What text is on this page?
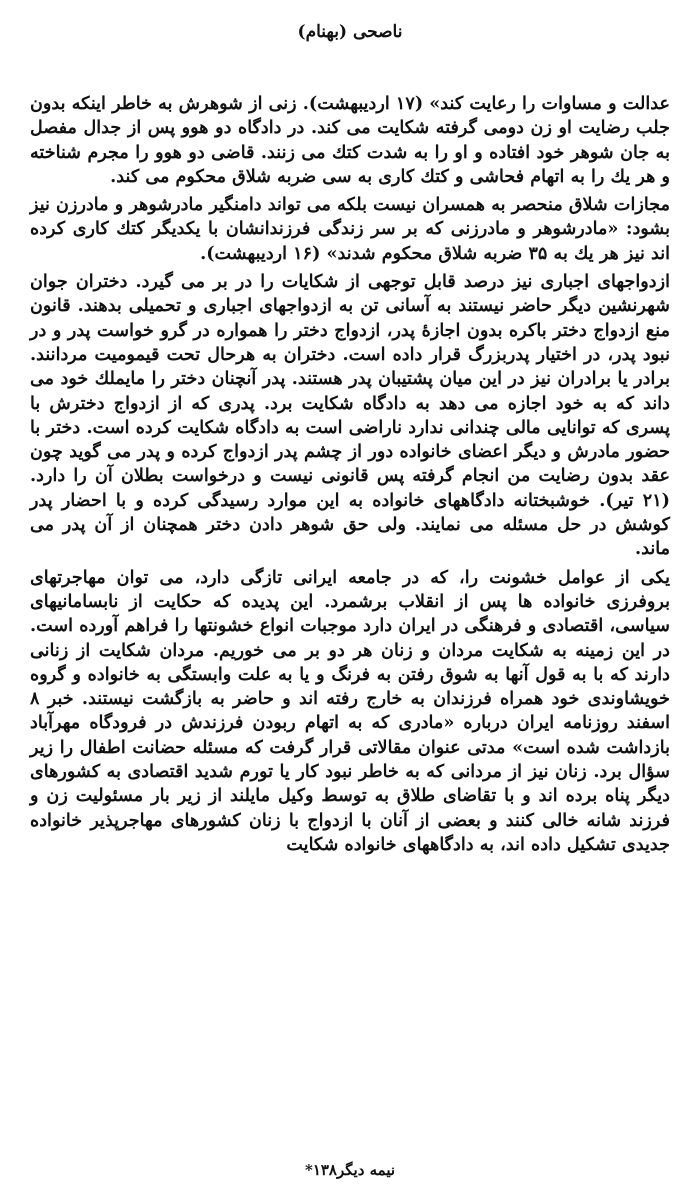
ناصحی (بهنام)

عدالت و مساوات را رعایت کند» (۱۷ اردیبهشت). زنی از شوهرش به خاطر اینکه بدون جلب رضایت او زن دومی گرفته شکایت می کند. در دادگاه دو هوو پس از جدال مفصل به جان شوهر خود افتاده و او را به شدت کتك می زنند. قاضی دو هوو را مجرم شناخته و هر یك را به اتهام فحاشی و کتك کاری به سی ضربه شلاق محکوم می کند.

مجازات شلاق منحصر به همسران نیست بلکه می تواند دامنگیر مادرشوهر و مادرزن نیز بشود: «مادرشوهر و مادرزنی که بر سر زندگی فرزندانشان با یکدیگر کتك کاری کرده اند نیز هر یك به ۳۵ ضربه شلاق محکوم شدند» (۱۶ اردیبهشت).

ازدواجهای اجباری نیز درصد قابل توجهی از شکایات را در بر می گیرد. دختران جوان شهرنشین دیگر حاضر نیستند به آسانی تن به ازدواجهای اجباری و تحمیلی بدهند. قانون منع ازدواج دختر باکره بدون اجازهٔ پدر، ازدواج دختر را همواره در گرو خواست پدر و در نبود پدر، در اختیار پدربزرگ قرار داده است. دختران به هرحال تحت قیمومیت مردانند. برادر یا برادران نیز در این میان پشتیبان پدر هستند. پدر آنچنان دختر را مایملك خود می داند که به خود اجازه می دهد به دادگاه شکایت برد. پدری که از ازدواج دخترش با پسری که توانایی مالی چندانی ندارد ناراضی است به دادگاه شکایت کرده است. دختر با حضور مادرش و دیگر اعضای خانواده دور از چشم پدر ازدواج کرده و پدر می گوید چون عقد بدون رضایت من انجام گرفته پس قانونی نیست و درخواست بطلان آن را دارد. (۲۱ تیر). خوشبختانه دادگاههای خانواده به این موارد رسیدگی کرده و با احضار پدر کوشش در حل مسئله می نمایند. ولی حق شوهر دادن دختر همچنان از آن پدر می ماند.

یکی از عوامل خشونت را، که در جامعه ایرانی تازگی دارد، می توان مهاجرتهای بروفرزی خانواده ها پس از انقلاب برشمرد. این پدیده که حکایت از نابسامانیهای سیاسی، اقتصادی و فرهنگی در ایران دارد موجبات انواع خشونتها را فراهم آورده است. در این زمینه به شکایت مردان و زنان هر دو بر می خوریم. مردان شکایت از زنانی دارند که با به قول آنها به شوق رفتن به فرنگ و یا به علت وابستگی به خانواده و گروه خویشاوندی خود همراه فرزندان به خارج رفته اند و حاضر به بازگشت نیستند. خبر ۸ اسفند روزنامه ایران درباره «مادری که به اتهام ربودن فرزندش در فرودگاه مهرآباد بازداشت شده است» مدتی عنوان مقالاتی قرار گرفت که مسئله حضانت اطفال را زیر سؤال برد. زنان نیز از مردانی که به خاطر نبود کار یا تورم شدید اقتصادی به کشورهای دیگر پناه برده اند و با تقاضای طلاق به توسط وکیل مایلند از زیر بار مسئولیت زن و فرزند شانه خالی کنند و بعضی از آنان با ازدواج با زنان کشورهای مهاجرپذیر خانواده جدیدی تشکیل داده اند، به دادگاههای خانواده شکایت

نیمه دیگر۱۳۸*
